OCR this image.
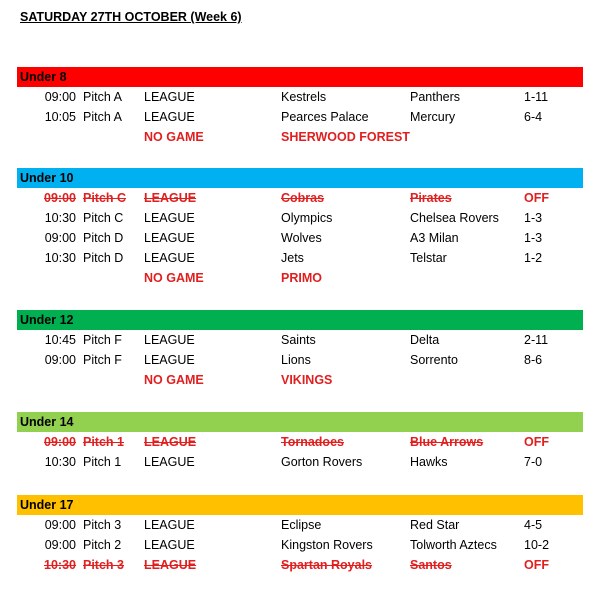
SATURDAY 27TH OCTOBER (Week 6)
Under 8
09:00 Pitch A LEAGUE	Kestrels	Panthers	1-11
10:05 Pitch A LEAGUE	Pearces Palace	Mercury	6-4
NO GAME	SHERWOOD FOREST
Under 10
09:00 Pitch C LEAGUE	Cobras	Pirates	OFF
10:30 Pitch C LEAGUE	Olympics	Chelsea Rovers 1-3
09:00 Pitch D LEAGUE	Wolves	A3 Milan	1-3
10:30 Pitch D LEAGUE	Jets	Telstar	1-2
NO GAME	PRIMO
Under 12
10:45 Pitch F LEAGUE	Saints	Delta	2-11
09:00 Pitch F LEAGUE	Lions	Sorrento	8-6
NO GAME	VIKINGS
Under 14
09:00 Pitch 1 LEAGUE	Tornadoes	Blue Arrows	OFF
10:30 Pitch 1 LEAGUE	Gorton Rovers	Hawks	7-0
Under 17
09:00 Pitch 3 LEAGUE	Eclipse	Red Star	4-5
09:00 Pitch 2 LEAGUE	Kingston Rovers	Tolworth Aztecs 10-2
10:30 Pitch 3 LEAGUE	Spartan Royals	Santos	OFF
